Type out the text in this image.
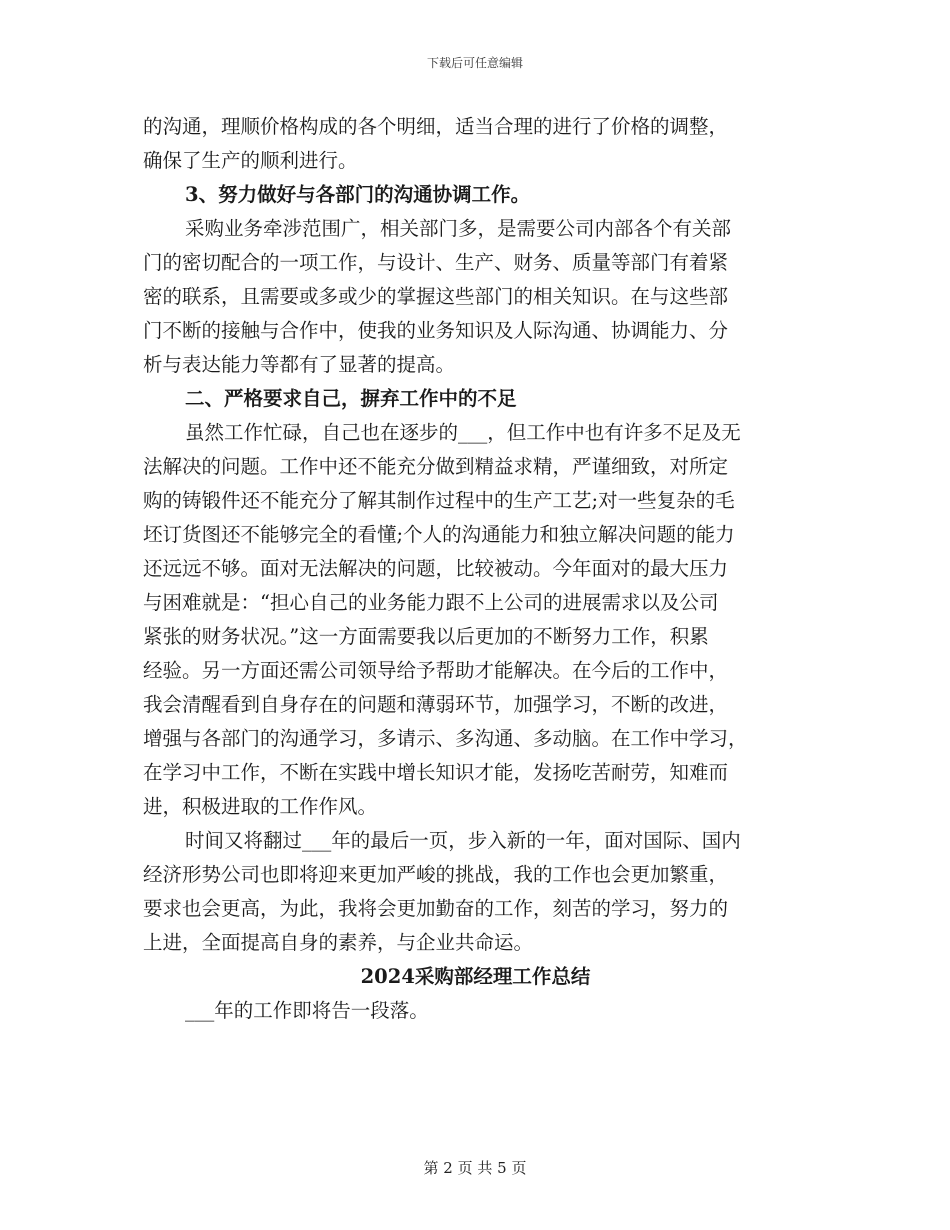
下载后可任意编辑
的沟通，理顺价格构成的各个明细，适当合理的进行了价格的调整，
确保了生产的顺利进行。
3、努力做好与各部门的沟通协调工作。
采购业务牵涉范围广，相关部门多，是需要公司内部各个有关部
门的密切配合的一项工作，与设计、生产、财务、质量等部门有着紧
密的联系，且需要或多或少的掌握这些部门的相关知识。在与这些部
门不断的接触与合作中，使我的业务知识及人际沟通、协调能力、分
析与表达能力等都有了显著的提高。
二、严格要求自己，摒弃工作中的不足
虽然工作忙碌，自己也在逐步的___，但工作中也有许多不足及无
法解决的问题。工作中还不能充分做到精益求精，严谨细致，对所定
购的铸锻件还不能充分了解其制作过程中的生产工艺;对一些复杂的毛
坯订货图还不能够完全的看懂;个人的沟通能力和独立解决问题的能力
还远远不够。面对无法解决的问题，比较被动。今年面对的最大压力
与困难就是：“担心自己的业务能力跟不上公司的进展需求以及公司
紧张的财务状况。”这一方面需要我以后更加的不断努力工作，积累
经验。另一方面还需公司领导给予帮助才能解决。在今后的工作中，
我会清醒看到自身存在的问题和薄弱环节，加强学习，不断的改进，
增强与各部门的沟通学习，多请示、多沟通、多动脑。在工作中学习，
在学习中工作，不断在实践中增长知识才能，发扬吃苦耐劳，知难而
进，积极进取的工作作风。
时间又将翻过___年的最后一页，步入新的一年，面对国际、国内
经济形势公司也即将迎来更加严峻的挑战，我的工作也会更加繁重，
要求也会更高，为此，我将会更加勤奋的工作，刻苦的学习，努力的
上进，全面提高自身的素养，与企业共命运。
2024采购部经理工作总结
___年的工作即将告一段落。
第 2 页 共 5 页
